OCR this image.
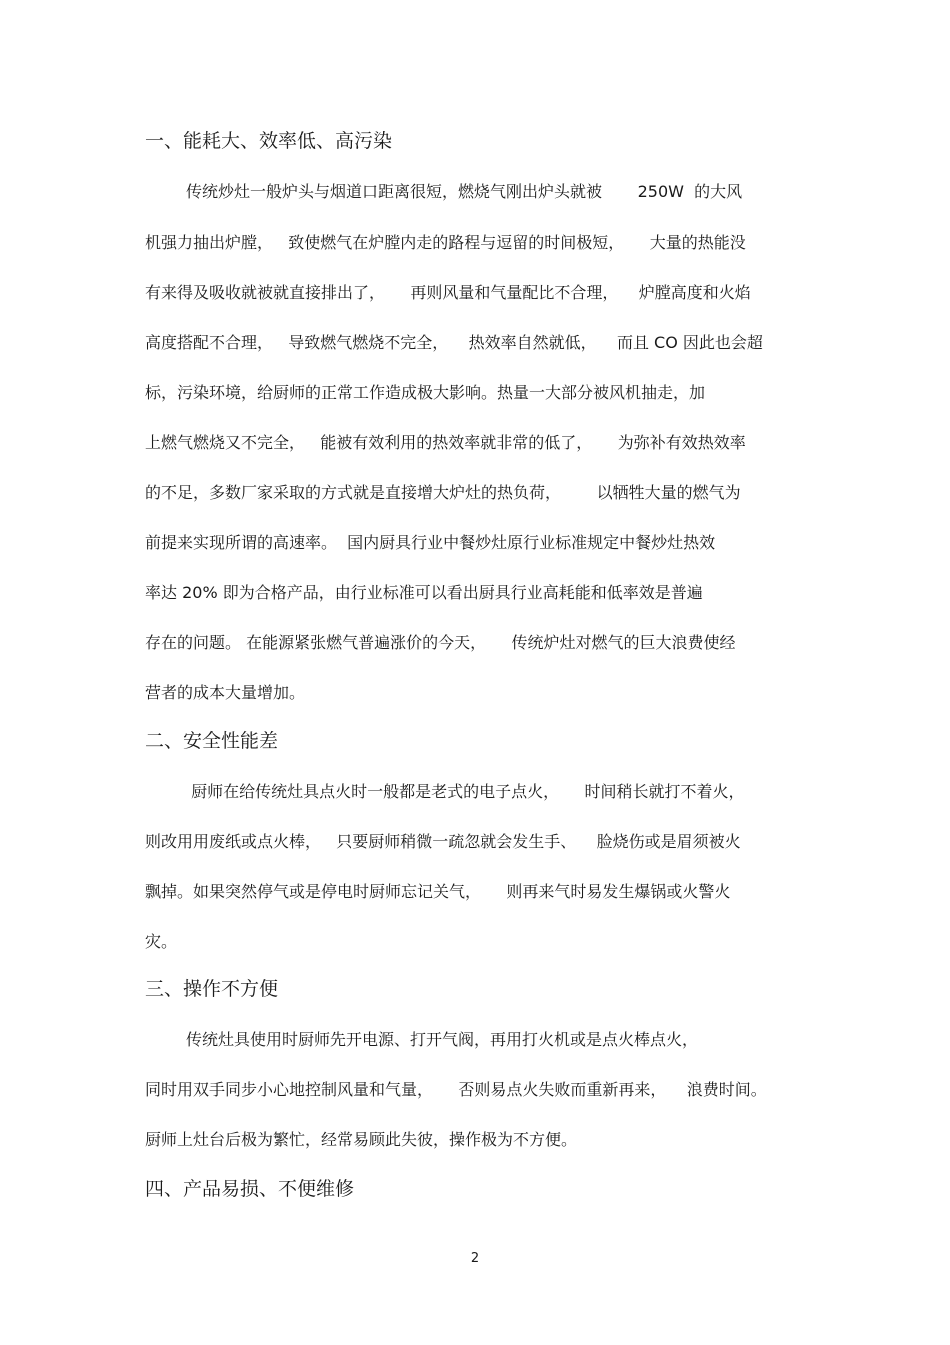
一、能耗大、效率低、高污染

传统炒灶一般炉头与烟道口距离很短，燃烧气刚出炉头就被       250W  的大风

机强力抽出炉膛，   致使燃气在炉膛内走的路程与逗留的时间极短，     大量的热能没

有来得及吸收就被就直接排出了，     再则风量和气量配比不合理，    炉膛高度和火焰

高度搭配不合理，   导致燃气燃烧不完全，    热效率自然就低，    而且 CO 因此也会超

标，污染环境，给厨师的正常工作造成极大影响。热量一大部分被风机抽走，加

上燃气燃烧又不完全，   能被有效利用的热效率就非常的低了，     为弥补有效热效率

的不足，多数厂家采取的方式就是直接增大炉灶的热负荷，       以牺牲大量的燃气为

前提来实现所谓的高速率。  国内厨具行业中餐炒灶原行业标准规定中餐炒灶热效

率达 20% 即为合格产品，由行业标准可以看出厨具行业高耗能和低率效是普遍

存在的问题。 在能源紧张燃气普遍涨价的今天，     传统炉灶对燃气的巨大浪费使经

营者的成本大量增加。

二、安全性能差

厨师在给传统灶具点火时一般都是老式的电子点火，     时间稍长就打不着火，

则改用用废纸或点火棒，   只要厨师稍微一疏忽就会发生手、    脸烧伤或是眉须被火

飘掉。如果突然停气或是停电时厨师忘记关气，     则再来气时易发生爆锅或火警火

灾。

三、操作不方便

传统灶具使用时厨师先开电源、打开气阀，再用打火机或是点火棒点火，

同时用双手同步小心地控制风量和气量，     否则易点火失败而重新再来，    浪费时间。

厨师上灶台后极为繁忙，经常易顾此失彼，操作极为不方便。

四、产品易损、不便维修
2
